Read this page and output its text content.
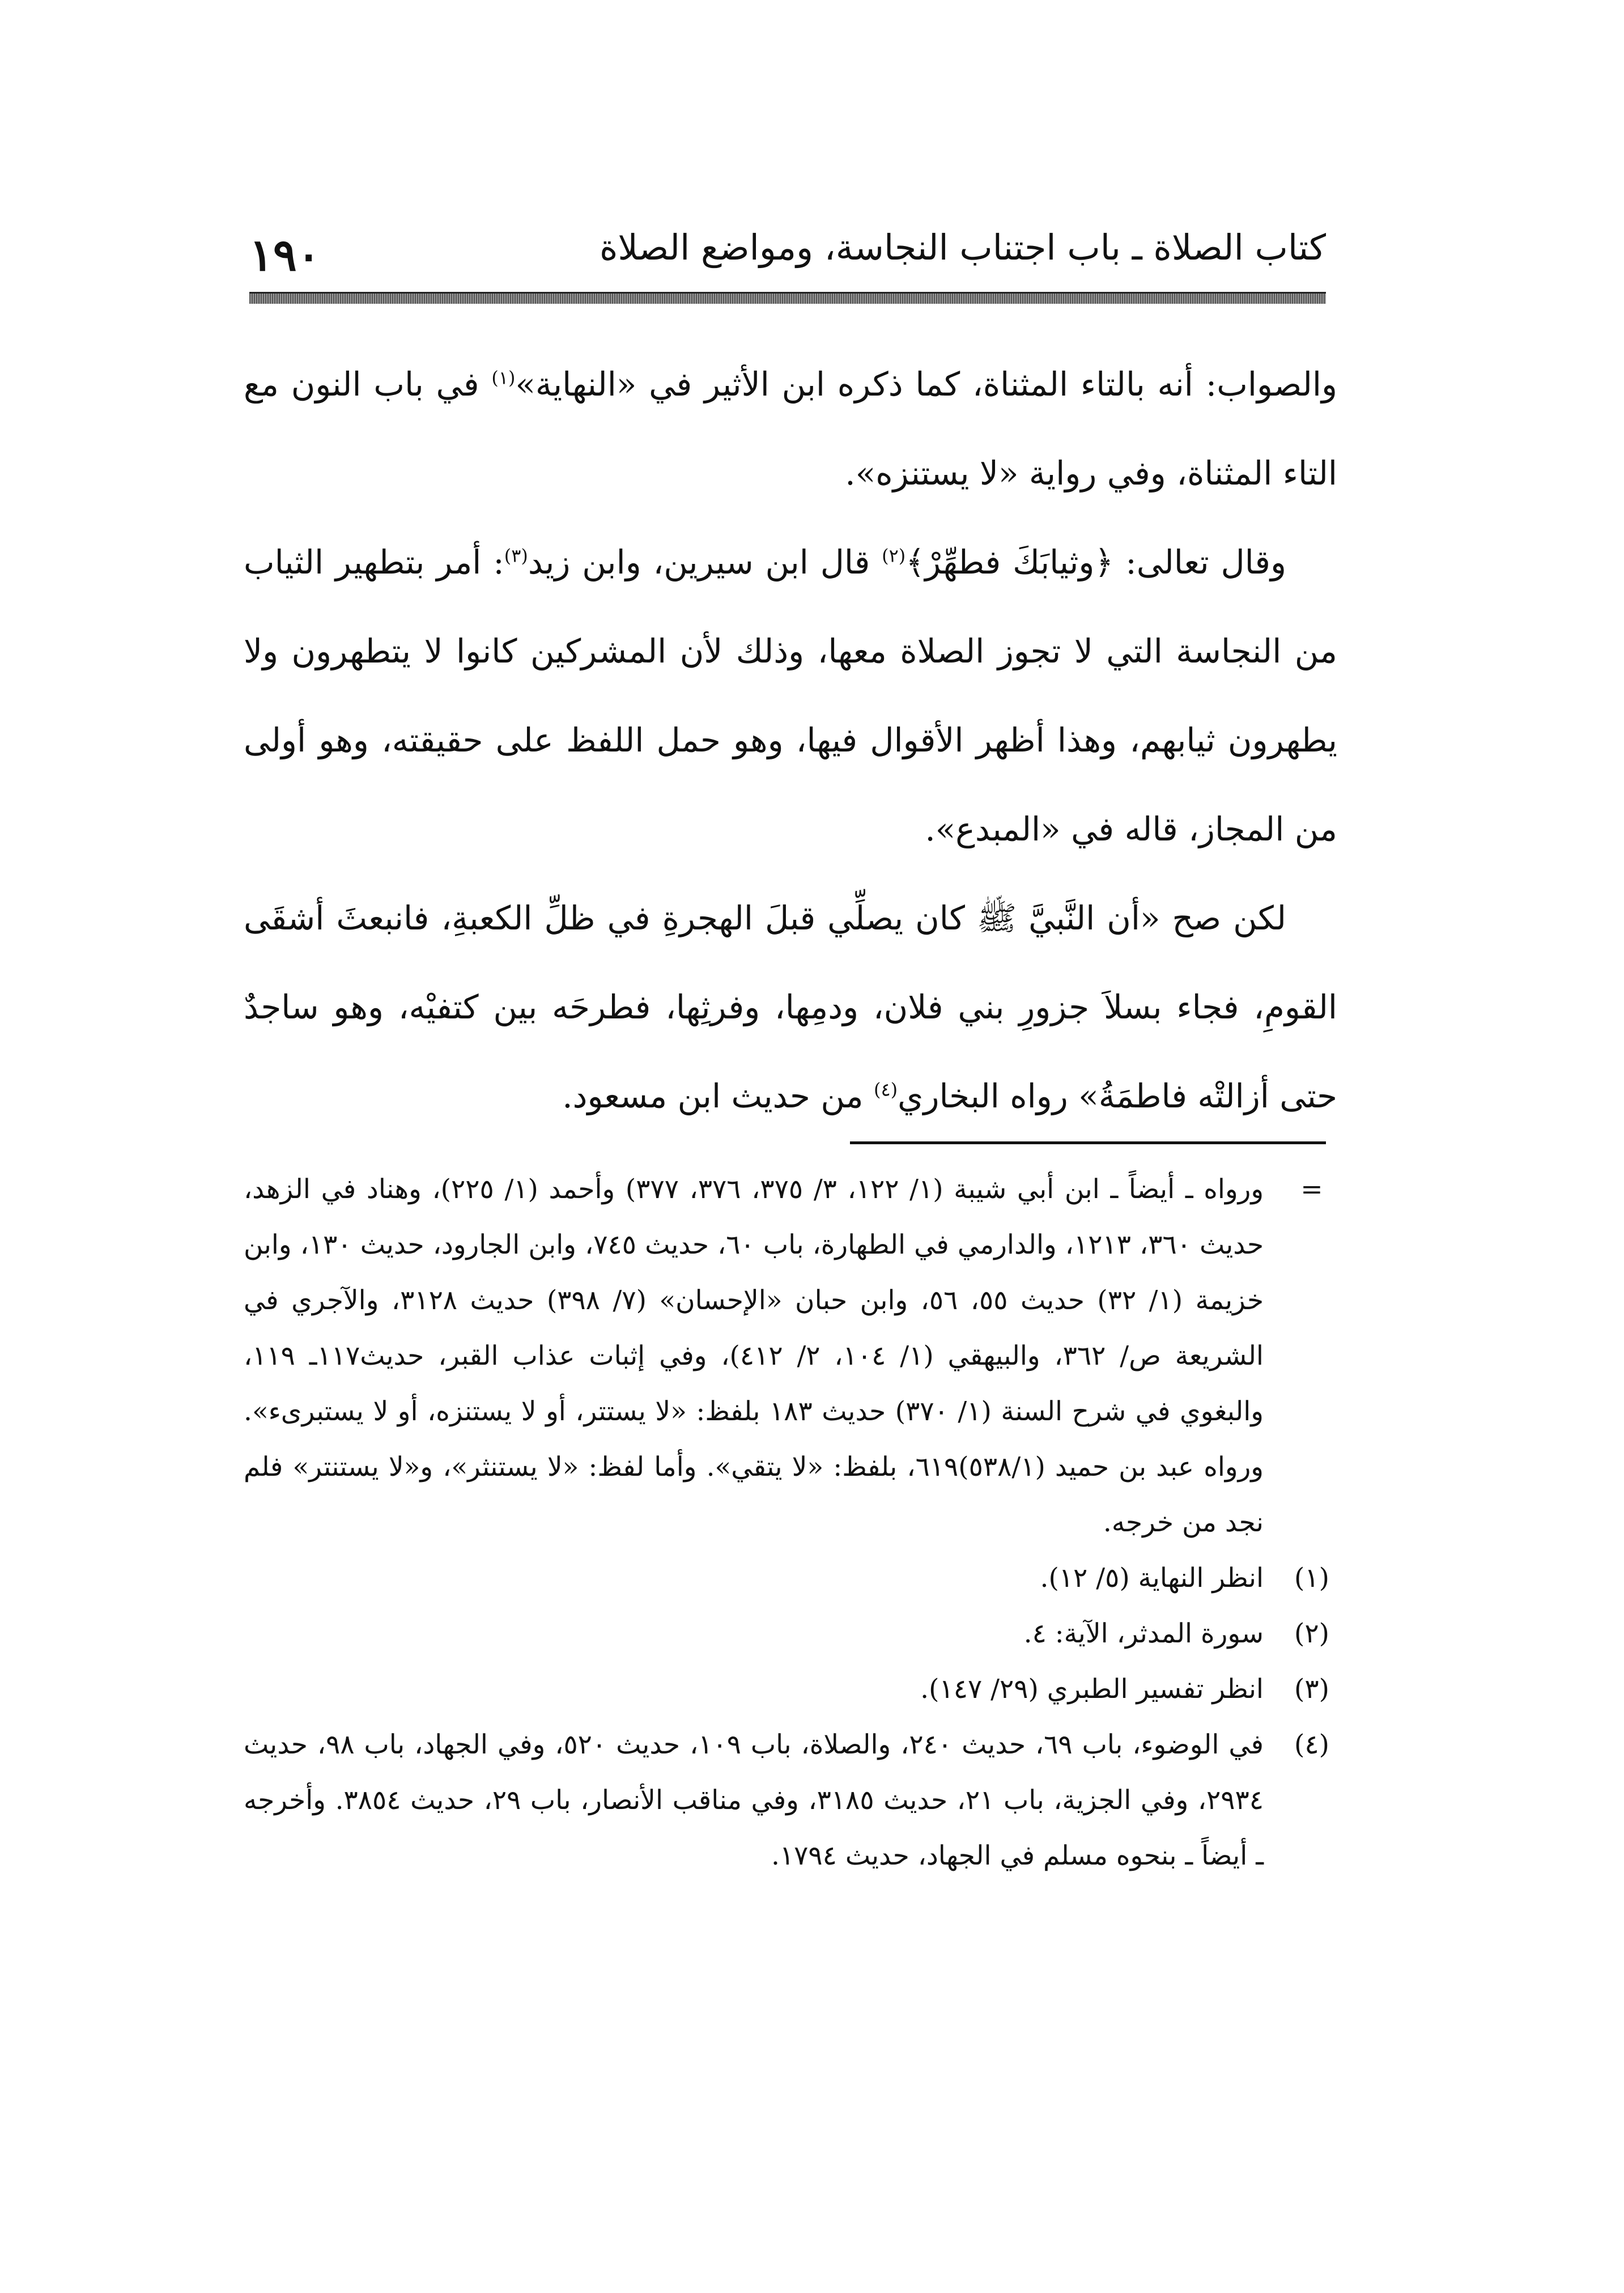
كتاب الصلاة ـ باب اجتناب النجاسة، ومواضع الصلاة
١٩٠

والصواب: أنه بالتاء المثناة، كما ذكره ابن الأثير في «النهاية»$^{(١)}$ في باب النون مع التاء المثناة، وفي رواية «لا يستنزه».

وقال تعالى: ﴿وثيابَكَ فطهِّرْ﴾$^{(٢)}$ قال ابن سيرين، وابن زيد$^{(٣)}$: أمر بتطهير الثياب من النجاسة التي لا تجوز الصلاة معها، وذلك لأن المشركين كانوا لا يتطهرون ولا يطهرون ثيابهم، وهذا أظهر الأقوال فيها، وهو حمل اللفظ على حقيقته، وهو أولى من المجاز، قاله في «المبدع».

لكن صح «أن النَّبيَّ ﷺ كان يصلِّي قبلَ الهجرةِ في ظلِّ الكعبةِ، فانبعثَ أشقَى القومِ، فجاء بسلاَ جزورِ بني فلان، ودمِها، وفرثِها، فطرحَه بين كتفيْه، وهو ساجدٌ حتى أزالتْه فاطمَةُ» رواه البخاري$^{(٤)}$ من حديث ابن مسعود.

=
ورواه ـ أيضاً ـ ابن أبي شيبة (١/ ١٢٢، ٣/ ٣٧٥، ٣٧٦، ٣٧٧) وأحمد (١/ ٢٢٥)، وهناد في الزهد، حديث ٣٦٠، ١٢١٣، والدارمي في الطهارة، باب ٦٠، حديث ٧٤٥، وابن الجارود، حديث ١٣٠، وابن خزيمة (١/ ٣٢) حديث ٥٥، ٥٦، وابن حبان «الإحسان» (٧/ ٣٩٨) حديث ٣١٢٨، والآجري في الشريعة ص/ ٣٦٢، والبيهقي (١/ ١٠٤، ٢/ ٤١٢)، وفي إثبات عذاب القبر، حديث١١٧ـ ١١٩، والبغوي في شرح السنة (١/ ٣٧٠) حديث ١٨٣ بلفظ: «لا يستتر، أو لا يستنزه، أو لا يستبرىء». ورواه عبد بن حميد (٥٣٨/١)٦١٩، بلفظ: «لا يتقي». وأما لفظ: «لا يستنثر»، و«لا يستنتر» فلم نجد من خرجه.
(١)
انظر النهاية (٥/ ١٢).
(٢)
سورة المدثر، الآية: ٤.
(٣)
انظر تفسير الطبري (٢٩/ ١٤٧).
(٤)
في الوضوء، باب ٦٩، حديث ٢٤٠، والصلاة، باب ١٠٩، حديث ٥٢٠، وفي الجهاد، باب ٩٨، حديث ٢٩٣٤، وفي الجزية، باب ٢١، حديث ٣١٨٥، وفي مناقب الأنصار، باب ٢٩، حديث ٣٨٥٤. وأخرجه ـ أيضاً ـ بنحوه مسلم في الجهاد، حديث ١٧٩٤.
